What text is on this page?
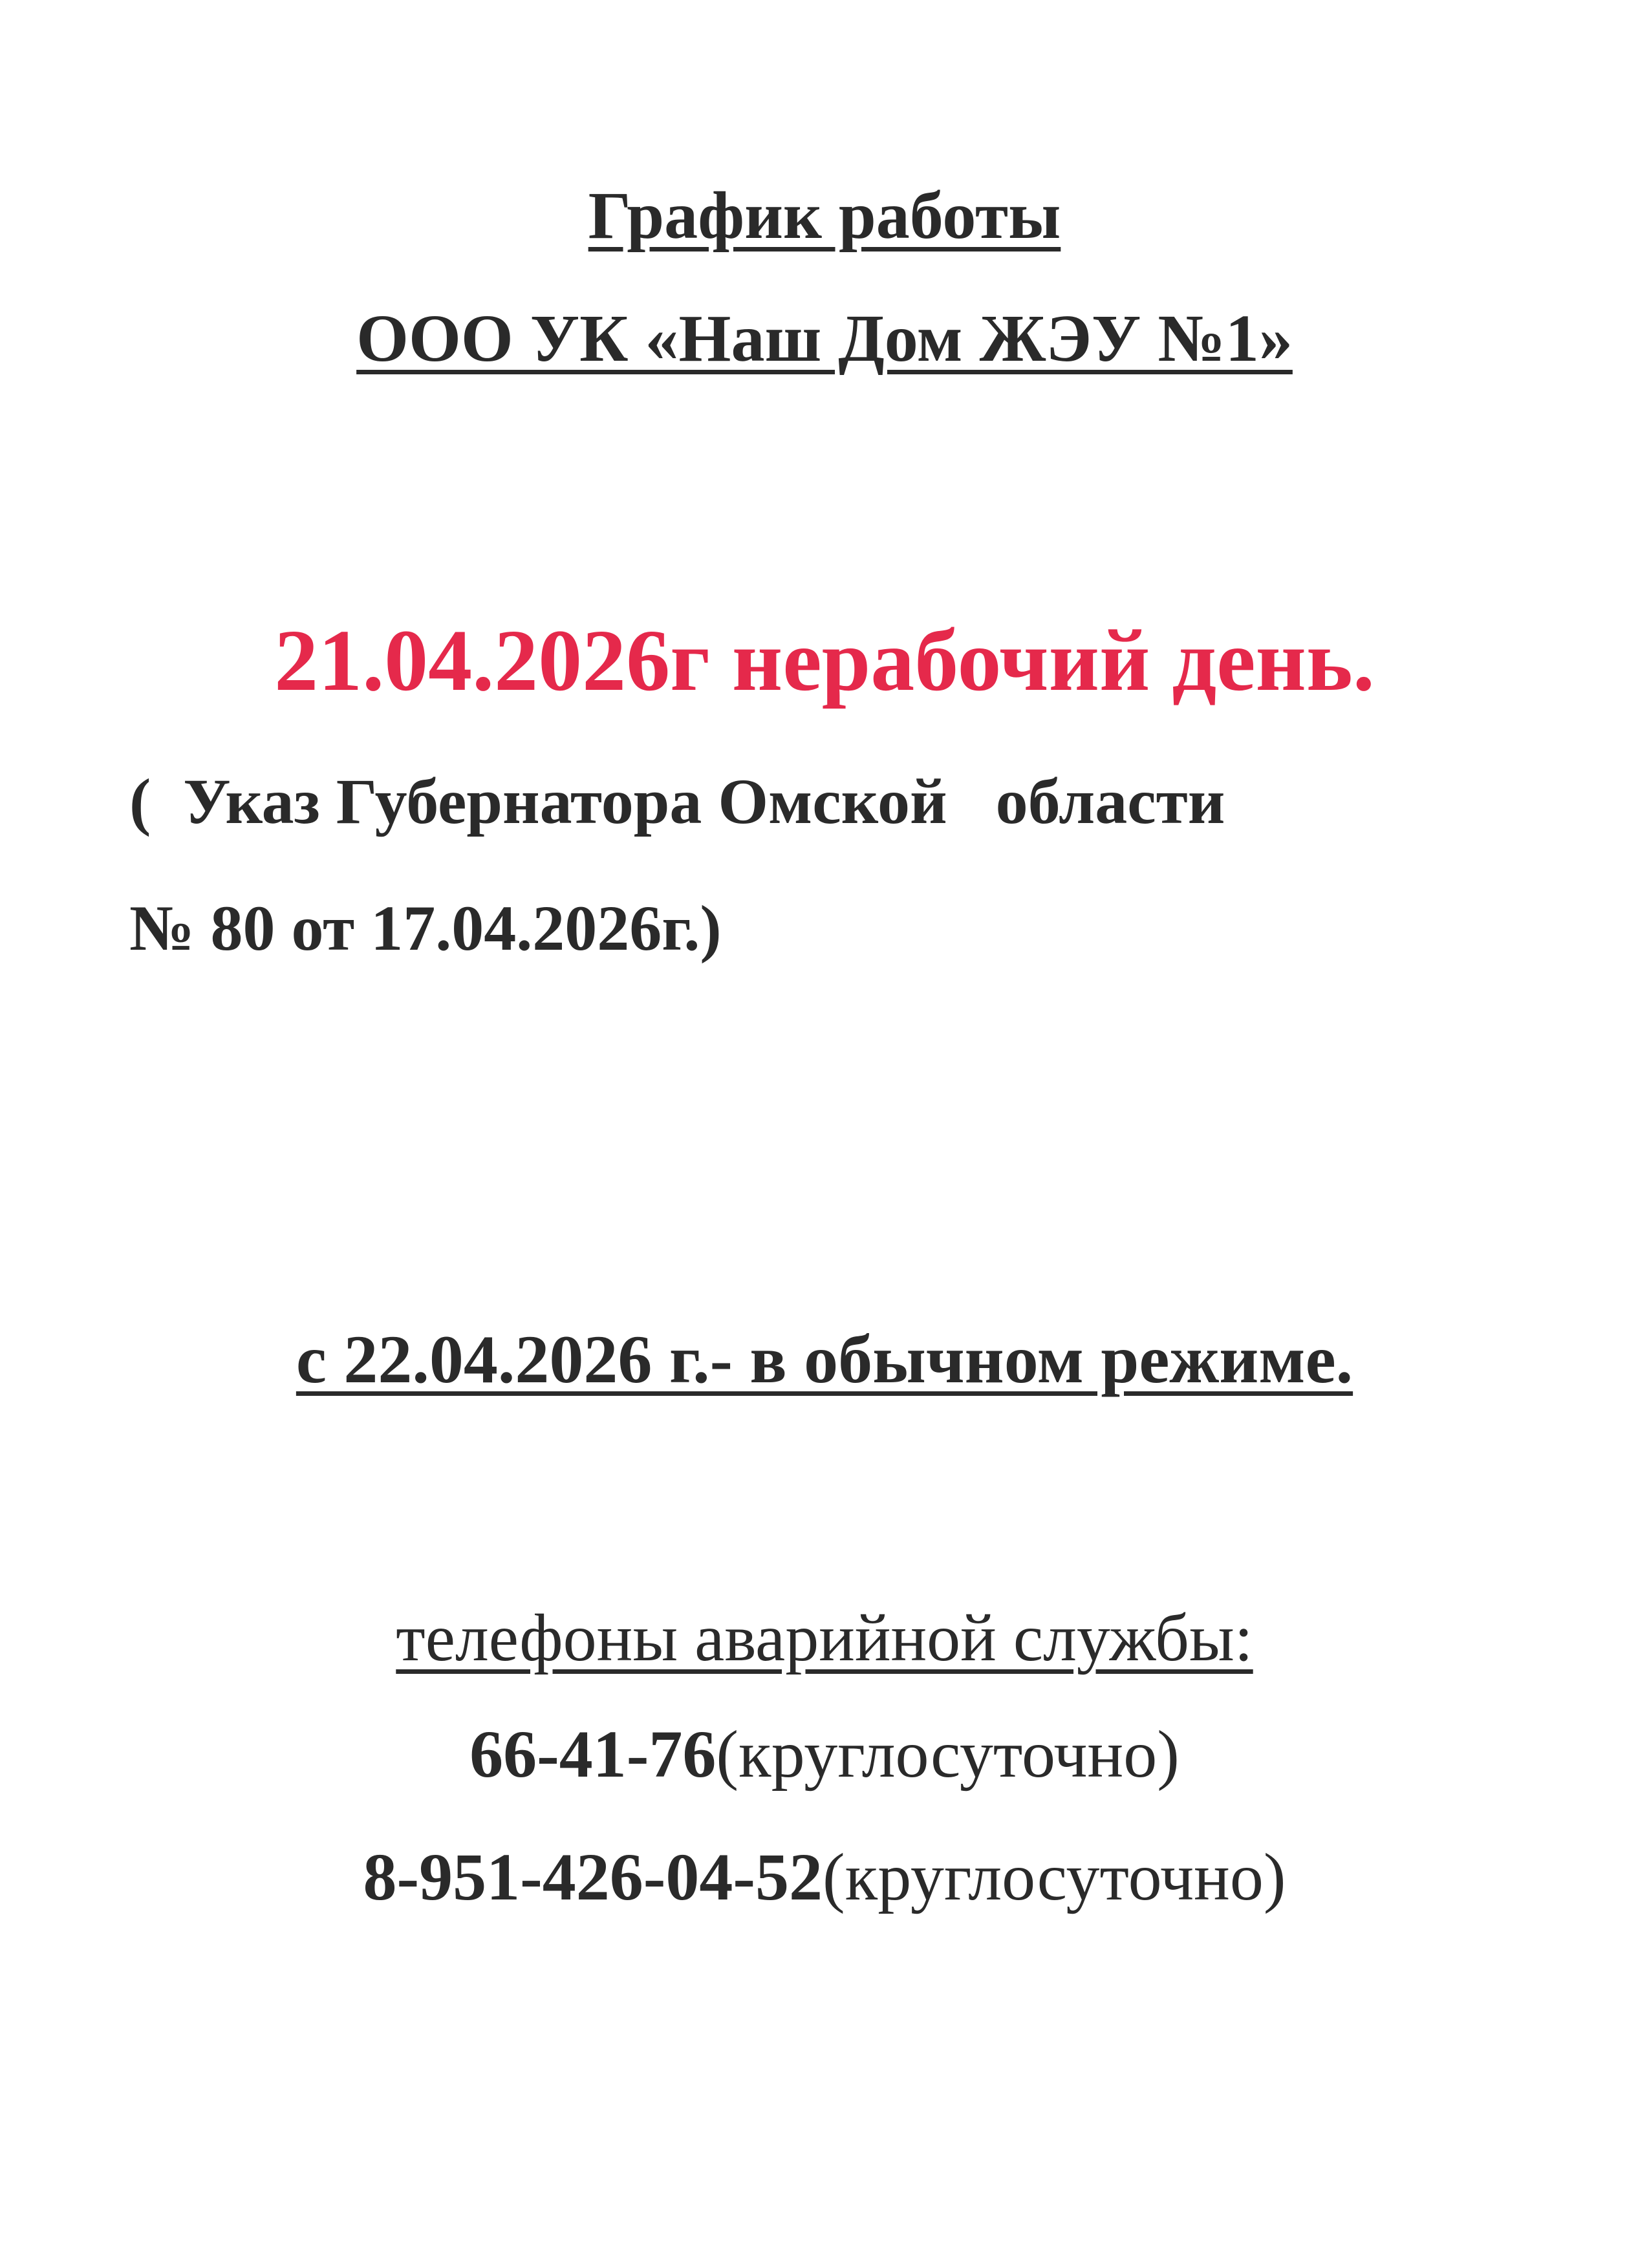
График работы
ООО УК «Наш Дом ЖЭУ №1»
21.04.2026г нерабочий день.
(  Указ Губернатора Омской   области
№ 80 от 17.04.2026г.)
с 22.04.2026 г.- в обычном режиме.
телефоны аварийной службы:
66-41-76(круглосуточно)
8-951-426-04-52(круглосуточно)
